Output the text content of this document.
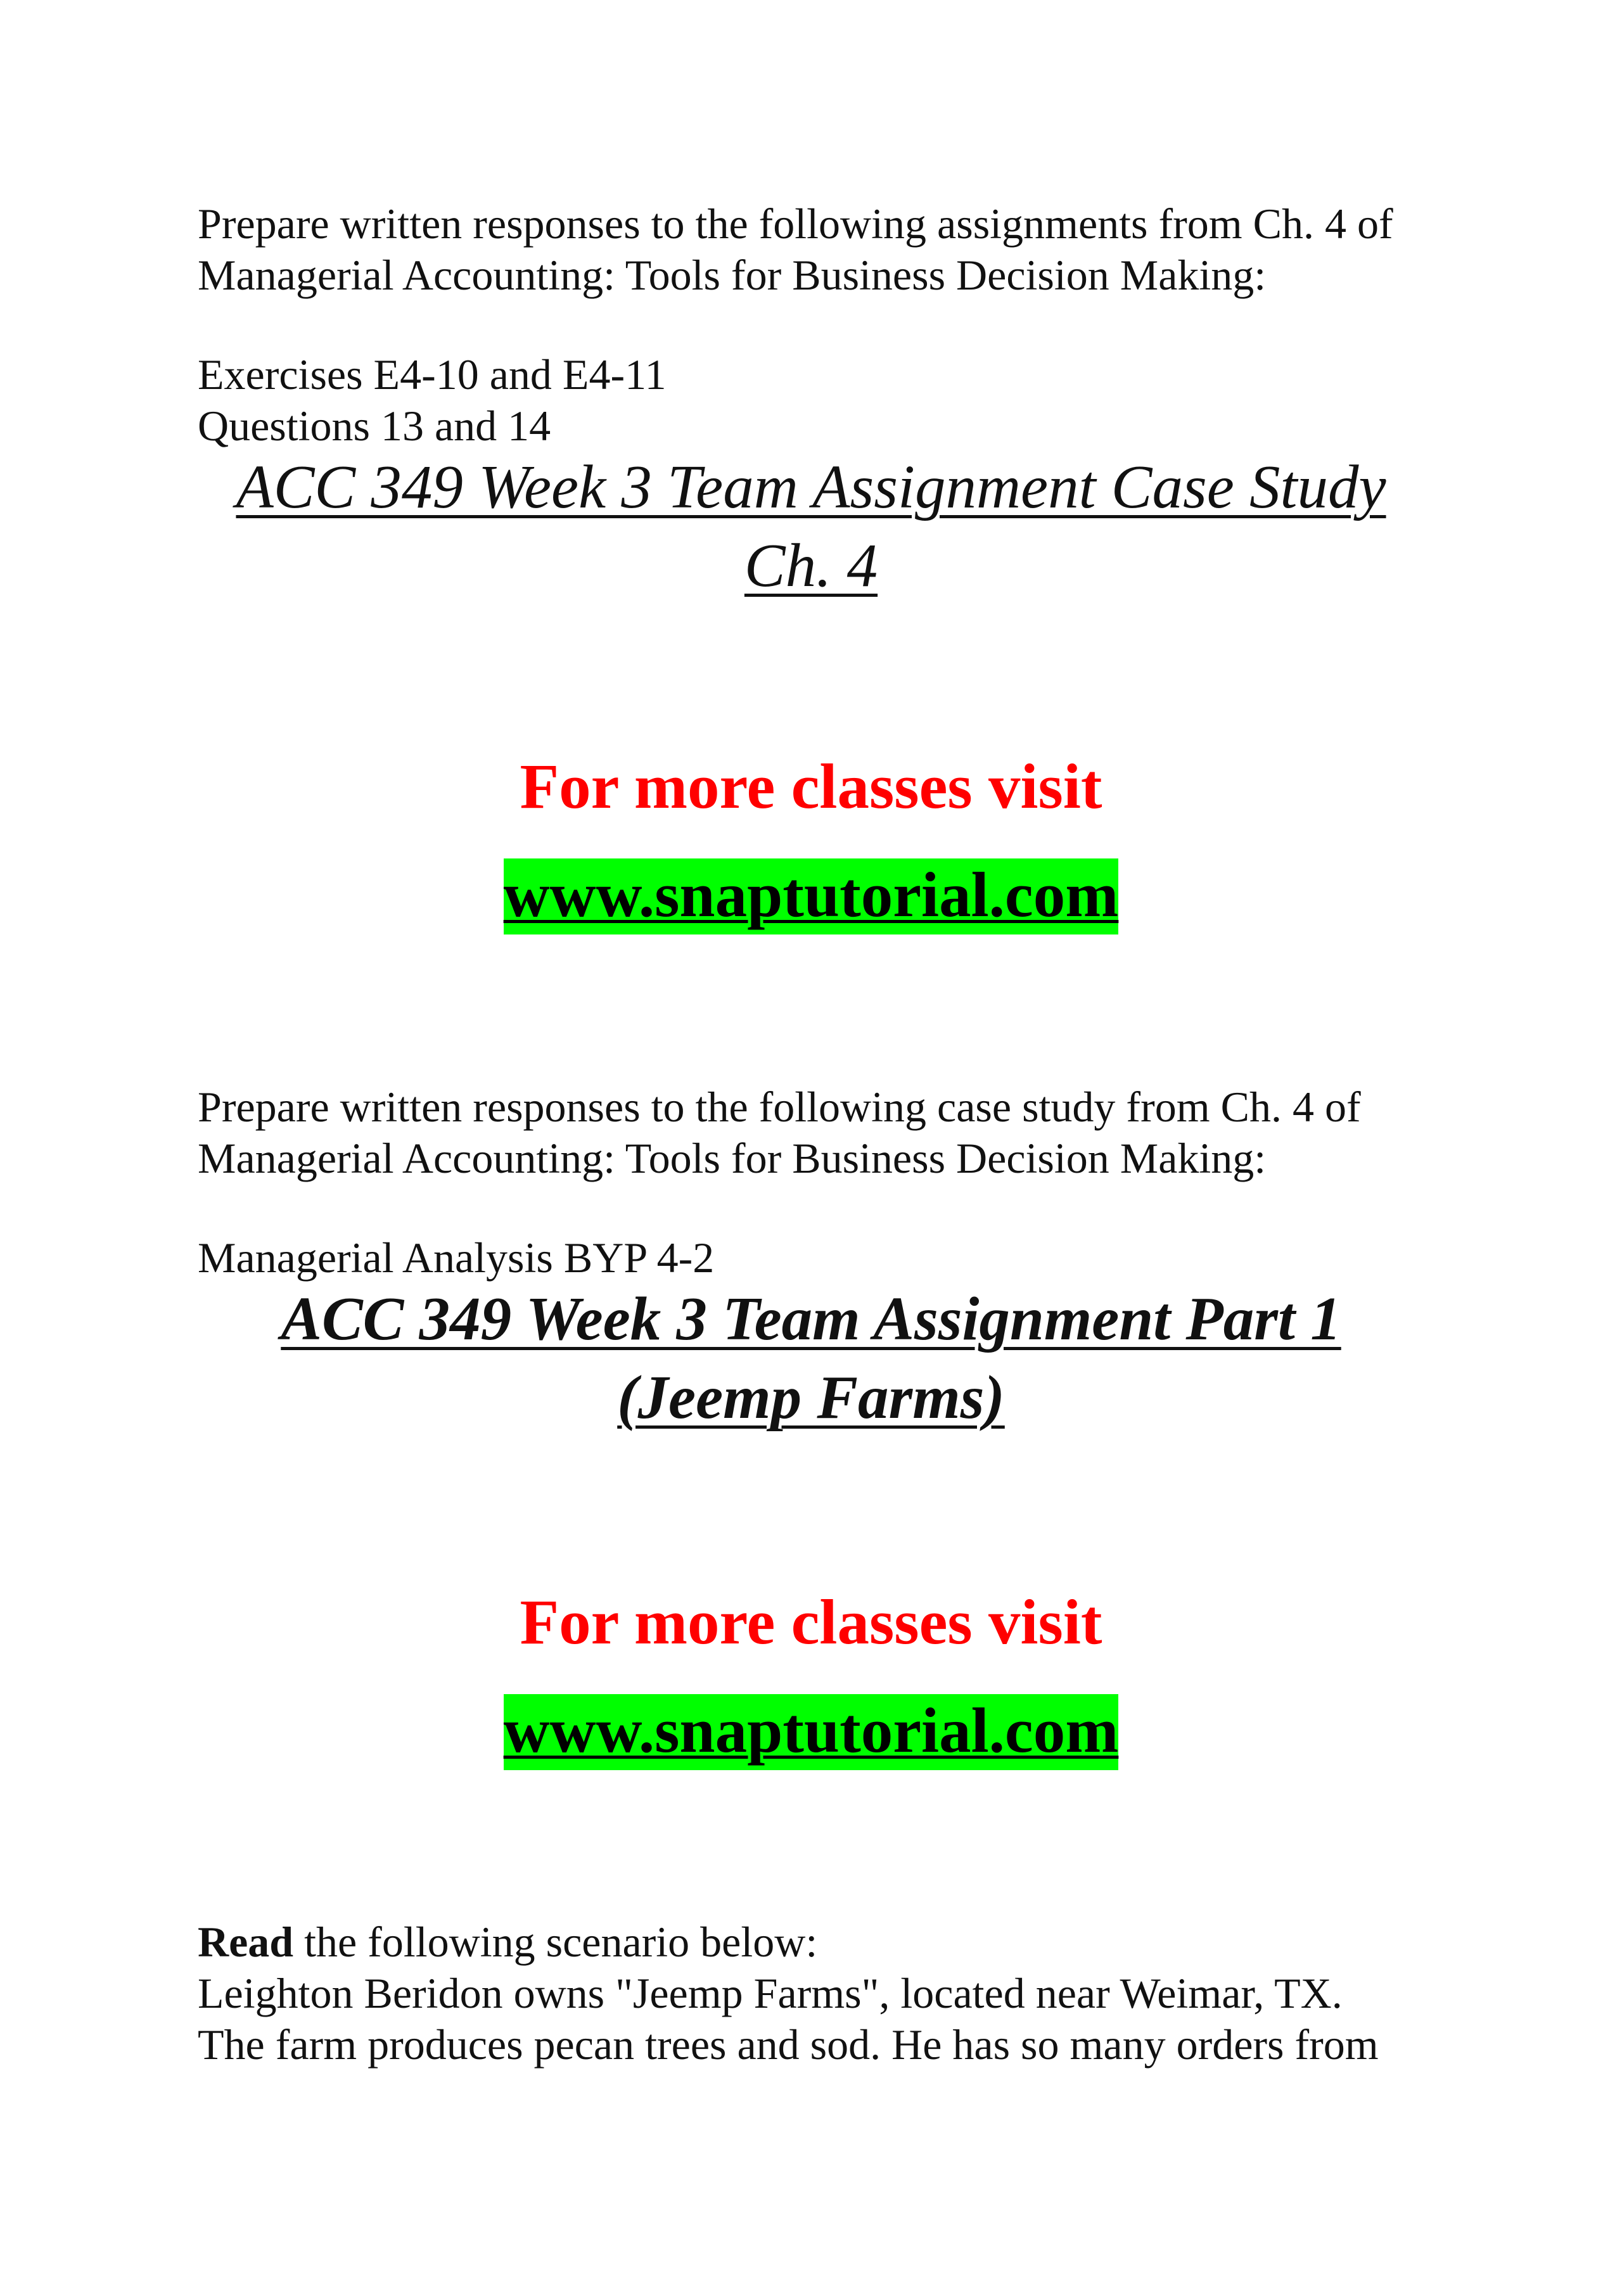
Prepare written responses to the following assignments from Ch. 4 of
Managerial Accounting: Tools for Business Decision Making:
Exercises E4-10 and E4-11
Questions 13 and 14
ACC 349 Week 3 Team Assignment Case Study
Ch. 4
For more classes visit
www.snaptutorial.com
Prepare written responses to the following case study from Ch. 4 of
Managerial Accounting: Tools for Business Decision Making:
Managerial Analysis BYP 4-2
ACC 349 Week 3 Team Assignment Part 1
(Jeemp Farms)
For more classes visit
www.snaptutorial.com
Read the following scenario below:
Leighton Beridon owns "Jeemp Farms", located near Weimar, TX.
The farm produces pecan trees and sod. He has so many orders from
